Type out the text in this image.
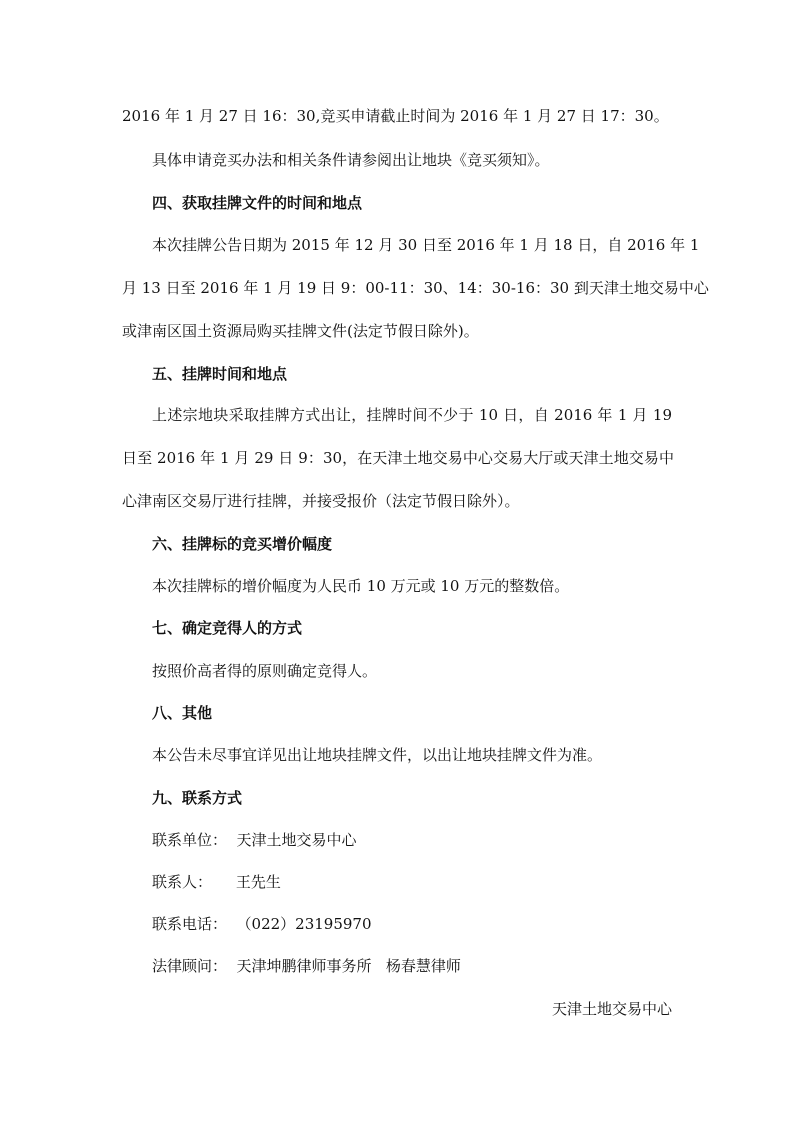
2016 年 1 月 27 日 16：30,竞买申请截止时间为 2016 年 1 月 27 日 17：30。
具体申请竞买办法和相关条件请参阅出让地块《竞买须知》。
四、获取挂牌文件的时间和地点
本次挂牌公告日期为 2015 年 12 月 30 日至 2016 年 1 月 18 日，自 2016 年 1
月 13 日至 2016 年 1 月 19 日 9：00-11：30、14：30-16：30 到天津土地交易中心
或津南区国土资源局购买挂牌文件(法定节假日除外)。
五、挂牌时间和地点
上述宗地块采取挂牌方式出让，挂牌时间不少于 10 日，自 2016 年 1 月 19
日至 2016 年 1 月 29 日 9：30，在天津土地交易中心交易大厅或天津土地交易中
心津南区交易厅进行挂牌，并接受报价（法定节假日除外）。
六、挂牌标的竞买增价幅度
本次挂牌标的增价幅度为人民币 10 万元或 10 万元的整数倍。
七、确定竞得人的方式
按照价高者得的原则确定竞得人。
八、其他
本公告未尽事宜详见出让地块挂牌文件，以出让地块挂牌文件为准。
九、联系方式
联系单位：  天津土地交易中心
联系人：     王先生
联系电话：  （022）23195970
法律顾问：  天津坤鹏律师事务所   杨春慧律师
天津土地交易中心
